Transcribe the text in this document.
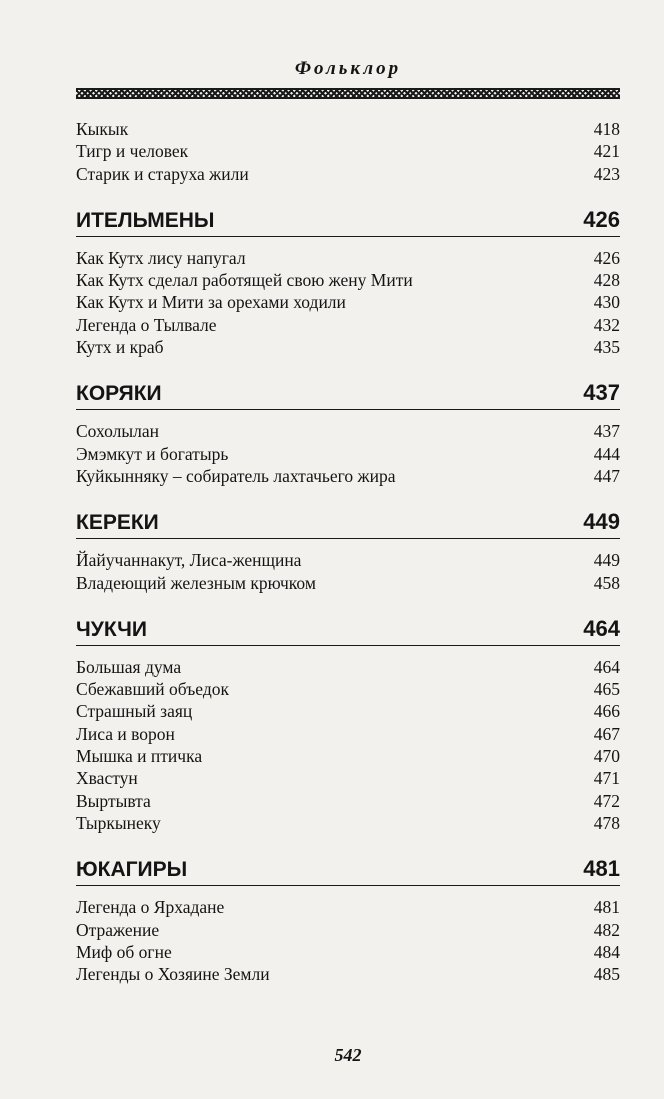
Фольклор
Кыкык	418
Тигр и человек	421
Старик и старуха жили	423
ИТЕЛЬМЕНЫ	426
Как Кутх лису напугал	426
Как Кутх сделал работящей свою жену Мити	428
Как Кутх и Мити за орехами ходили	430
Легенда о Тылвале	432
Кутх и краб	435
КОРЯКИ	437
Сохолылан	437
Эмэмкут и богатырь	444
Куйкынняку – собиратель лахтачьего жира	447
КЕРЕКИ	449
Йайучаннакут, Лиса-женщина	449
Владеющий железным крючком	458
ЧУКЧИ	464
Большая дума	464
Сбежавший объедок	465
Страшный заяц	466
Лиса и ворон	467
Мышка и птичка	470
Хвастун	471
Выртывта	472
Тыркынеку	478
ЮКАГИРЫ	481
Легенда о Ярхадане	481
Отражение	482
Миф об огне	484
Легенды о Хозяине Земли	485
542
